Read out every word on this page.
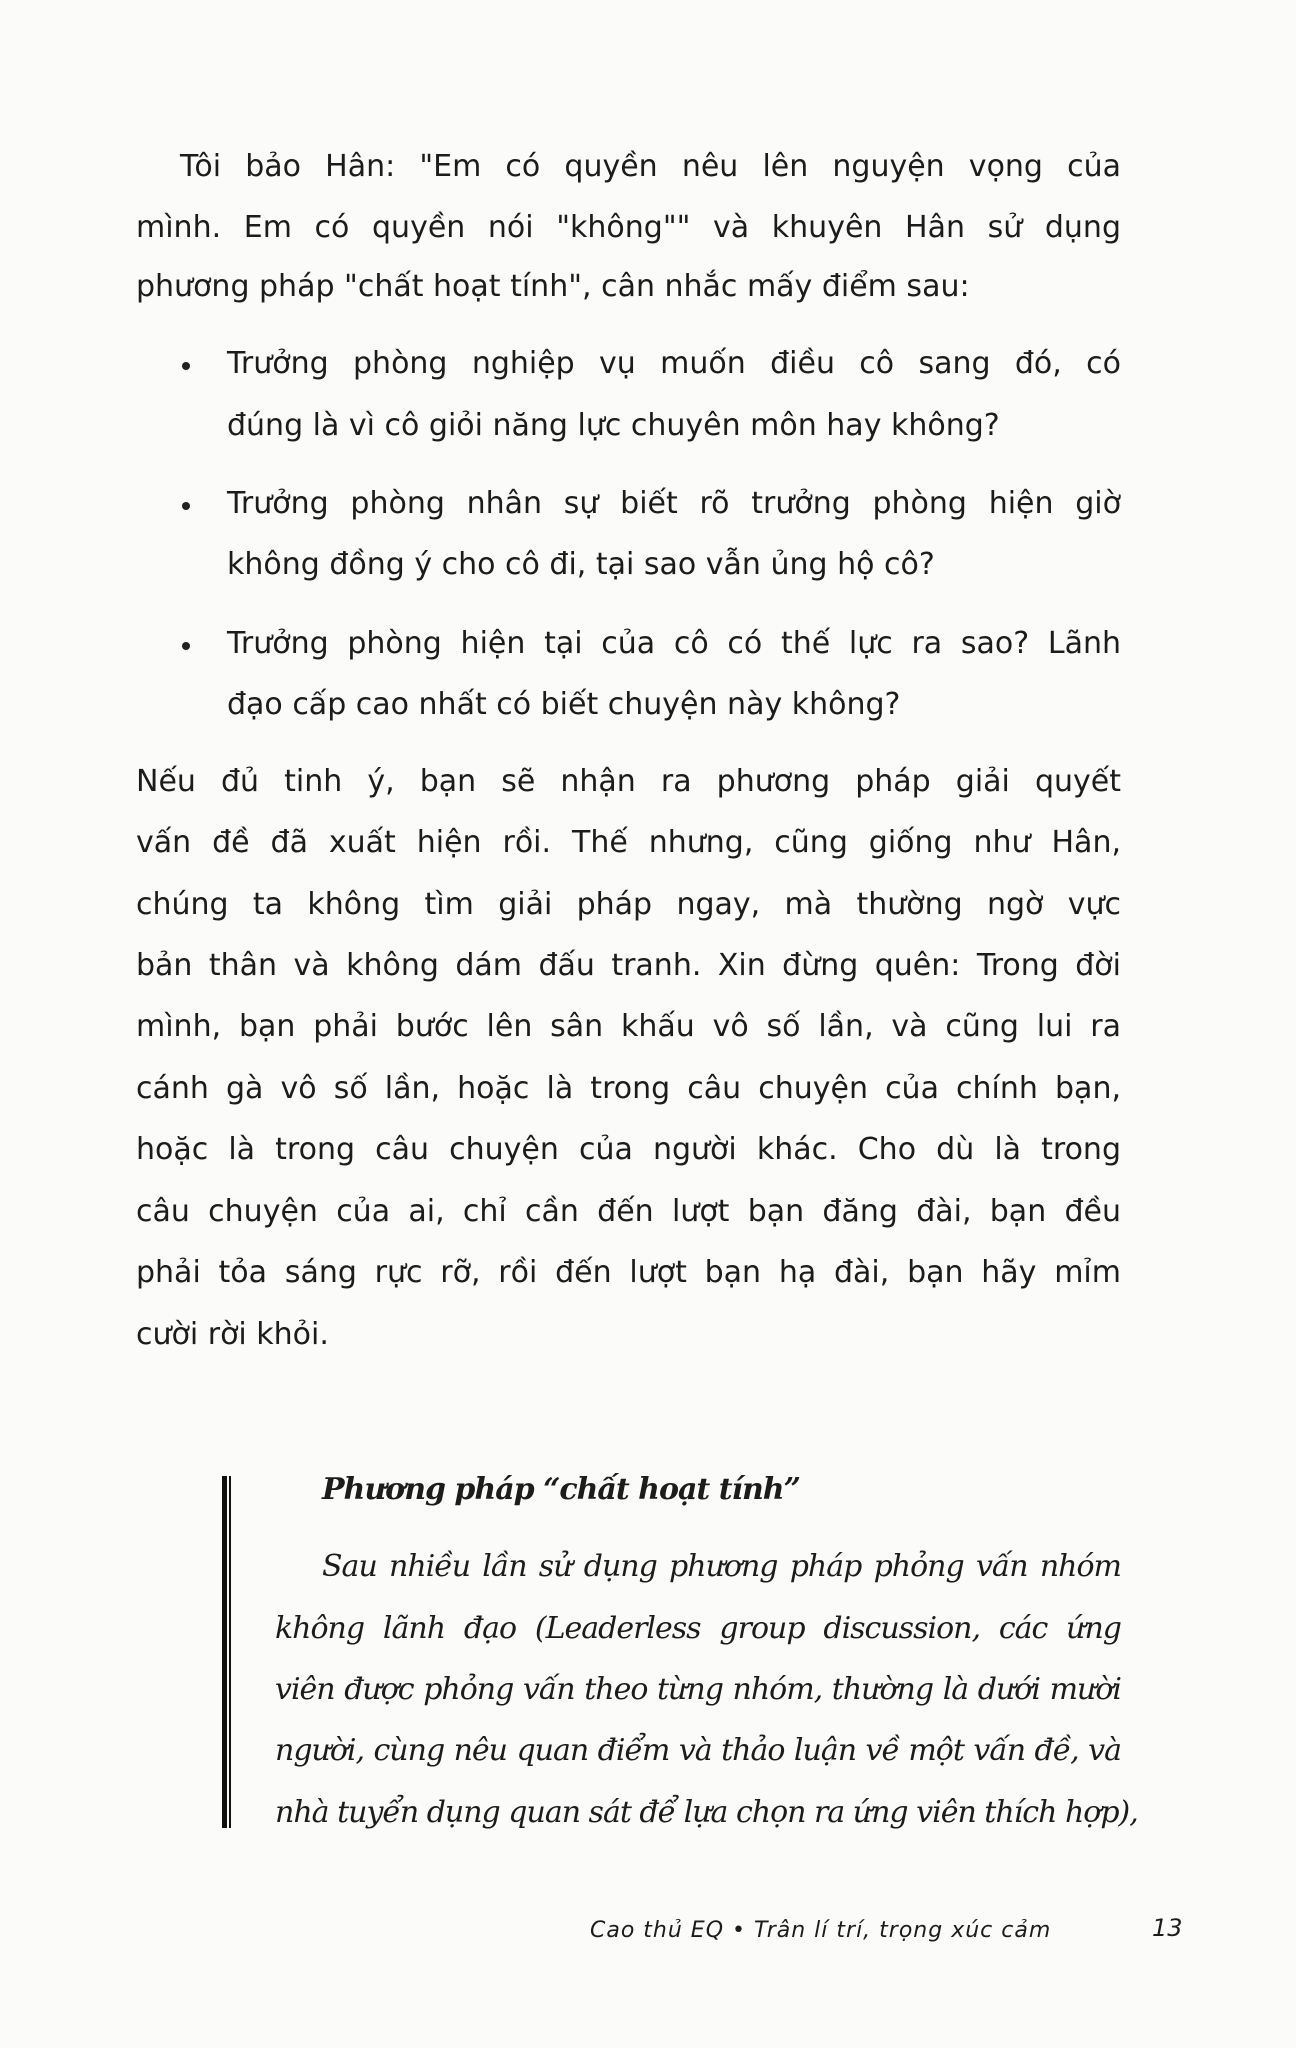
Tôi bảo Hân: "Em có quyền nêu lên nguyện vọng của
mình. Em có quyền nói "không"" và khuyên Hân sử dụng
phương pháp "chất hoạt tính", cân nhắc mấy điểm sau:
Trưởng phòng nghiệp vụ muốn điều cô sang đó, có
đúng là vì cô giỏi năng lực chuyên môn hay không?
Trưởng phòng nhân sự biết rõ trưởng phòng hiện giờ
không đồng ý cho cô đi, tại sao vẫn ủng hộ cô?
Trưởng phòng hiện tại của cô có thế lực ra sao? Lãnh
đạo cấp cao nhất có biết chuyện này không?
Nếu đủ tinh ý, bạn sẽ nhận ra phương pháp giải quyết
vấn đề đã xuất hiện rồi. Thế nhưng, cũng giống như Hân,
chúng ta không tìm giải pháp ngay, mà thường ngờ vực
bản thân và không dám đấu tranh. Xin đừng quên: Trong đời
mình, bạn phải bước lên sân khấu vô số lần, và cũng lui ra
cánh gà vô số lần, hoặc là trong câu chuyện của chính bạn,
hoặc là trong câu chuyện của người khác. Cho dù là trong
câu chuyện của ai, chỉ cần đến lượt bạn đăng đài, bạn đều
phải tỏa sáng rực rỡ, rồi đến lượt bạn hạ đài, bạn hãy mỉm
cười rời khỏi.
Phương pháp “chất hoạt tính”
Sau nhiều lần sử dụng phương pháp phỏng vấn nhóm
không lãnh đạo (Leaderless group discussion, các ứng
viên được phỏng vấn theo từng nhóm, thường là dưới mười
người, cùng nêu quan điểm và thảo luận về một vấn đề, và
nhà tuyển dụng quan sát để lựa chọn ra ứng viên thích hợp),
Cao thủ EQ • Trân lí trí, trọng xúc cảm	13
